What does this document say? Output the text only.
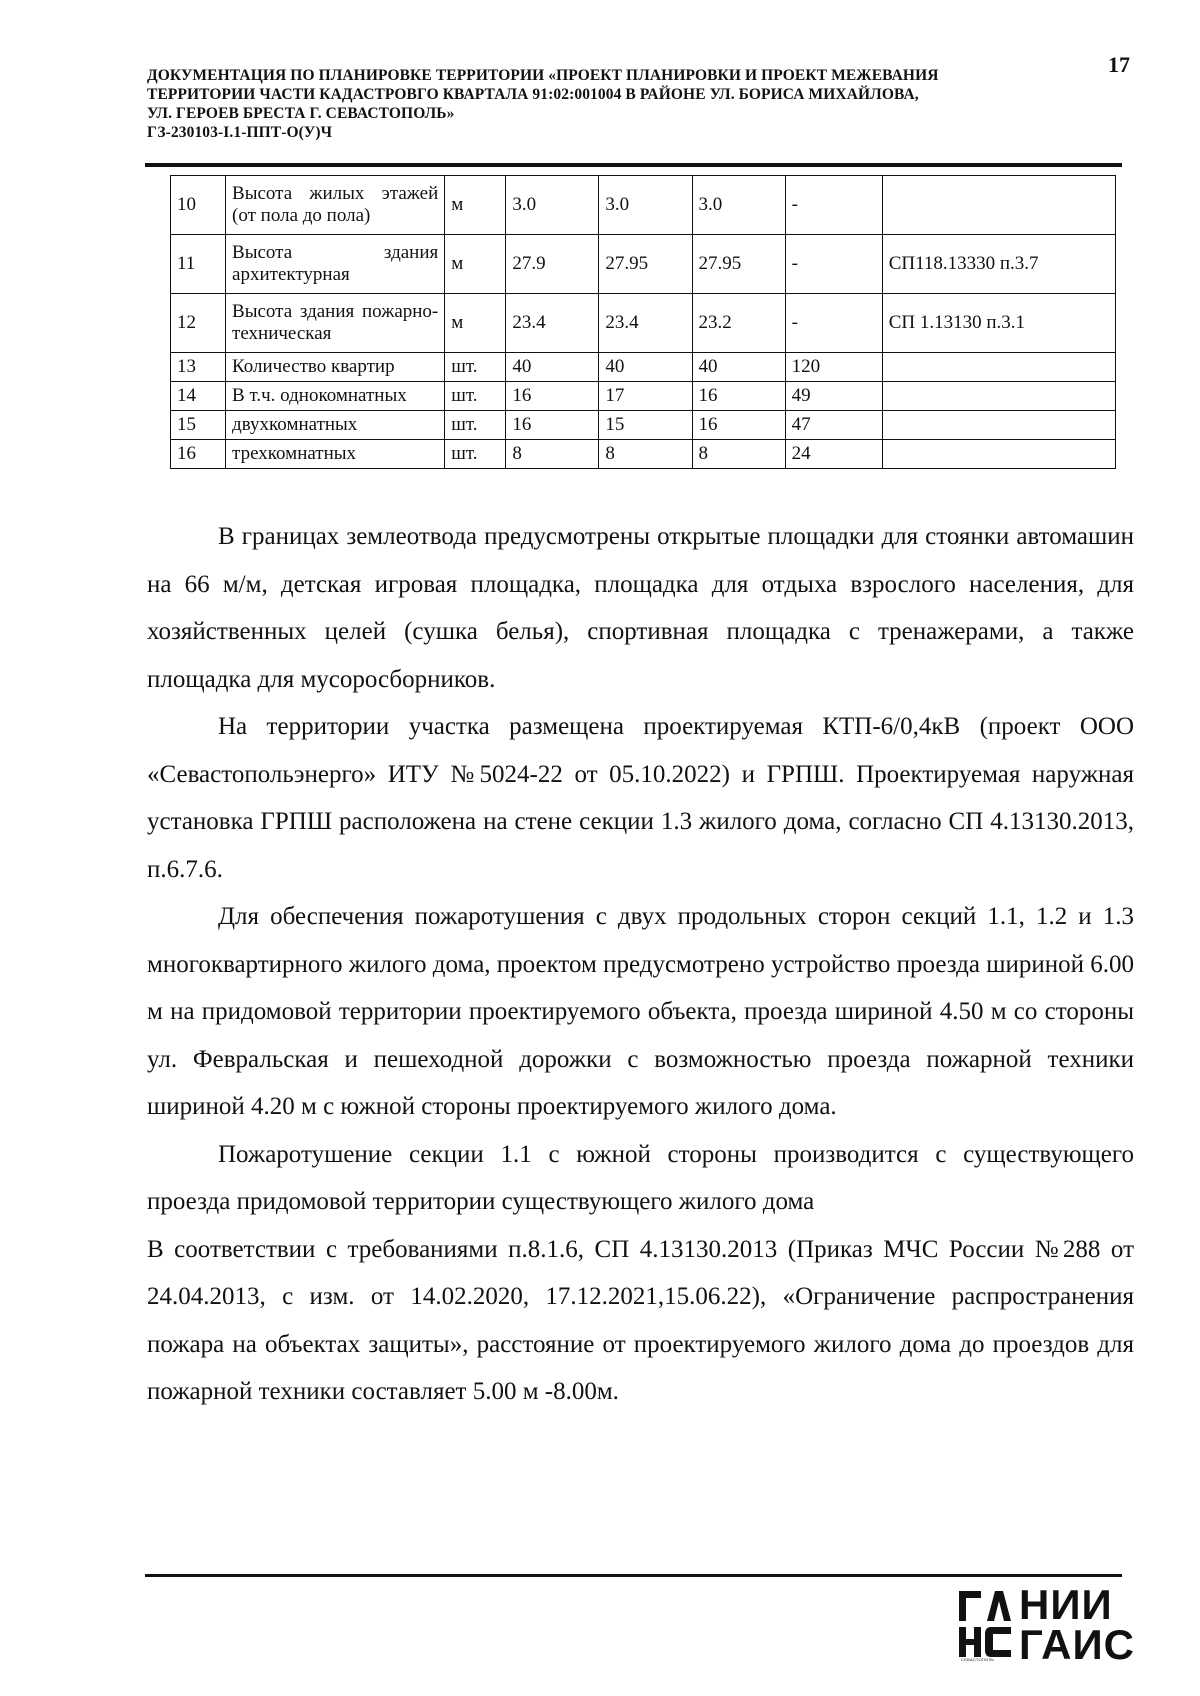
ДОКУМЕНТАЦИЯ ПО ПЛАНИРОВКЕ ТЕРРИТОРИИ «ПРОЕКТ ПЛАНИРОВКИ И ПРОЕКТ МЕЖЕВАНИЯ
ТЕРРИТОРИИ ЧАСТИ КАДАСТРОВГО КВАРТАЛА 91:02:001004 В РАЙОНЕ УЛ. БОРИСА МИХАЙЛОВА,
УЛ. ГЕРОЕВ БРЕСТА Г. СЕВАСТОПОЛЬ»
ГЗ-230103-I.1-ППТ-О(У)Ч
17
10	Высота жилых этажей (от пола до пола)	м	3.0	3.0	3.0	-	
11	Высота здания архитектурная	м	27.9	27.95	27.95	-	СП118.13330 п.3.7
12	Высота здания пожарно-техническая	м	23.4	23.4	23.2	-	СП 1.13130 п.3.1
13	Количество квартир	шт.	40	40	40	120	
14	В т.ч. однокомнатных	шт.	16	17	16	49	
15	двухкомнатных	шт.	16	15	16	47	
16	трехкомнатных	шт.	8	8	8	24	

В границах землеотвода предусмотрены открытые площадки для стоянки автомашин на 66 м/м, детская игровая площадка, площадка для отдыха взрослого населения, для хозяйственных целей (сушка белья), спортивная площадка с тренажерами, а также площадка для мусоросборников.

На территории участка размещена проектируемая КТП-6/0,4кВ (проект ООО «Севастопольэнерго» ИТУ №5024-22 от 05.10.2022) и ГРПШ. Проектируемая наружная установка ГРПШ расположена на стене секции 1.3 жилого дома, согласно СП 4.13130.2013, п.6.7.6.

Для обеспечения пожаротушения с двух продольных сторон секций 1.1, 1.2 и 1.3 многоквартирного жилого дома, проектом предусмотрено устройство проезда шириной 6.00 м на придомовой территории проектируемого объекта, проезда шириной 4.50 м со стороны ул. Февральская и пешеходной дорожки с возможностью проезда пожарной техники шириной 4.20 м с южной стороны проектируемого жилого дома.

Пожаротушение секции 1.1 с южной стороны производится с существующего проезда придомовой территории существующего жилого дома

В соответствии с требованиями п.8.1.6, СП 4.13130.2013 (Приказ МЧС России №288 от 24.04.2013, с изм. от 14.02.2020, 17.12.2021,15.06.22), «Ограничение распространения пожара на объектах защиты», расстояние от проектируемого жилого дома до проездов для пожарной техники составляет 5.00 м -8.00м.

СЕВАСТОПОЛЬ
НИИ
ГАИС
